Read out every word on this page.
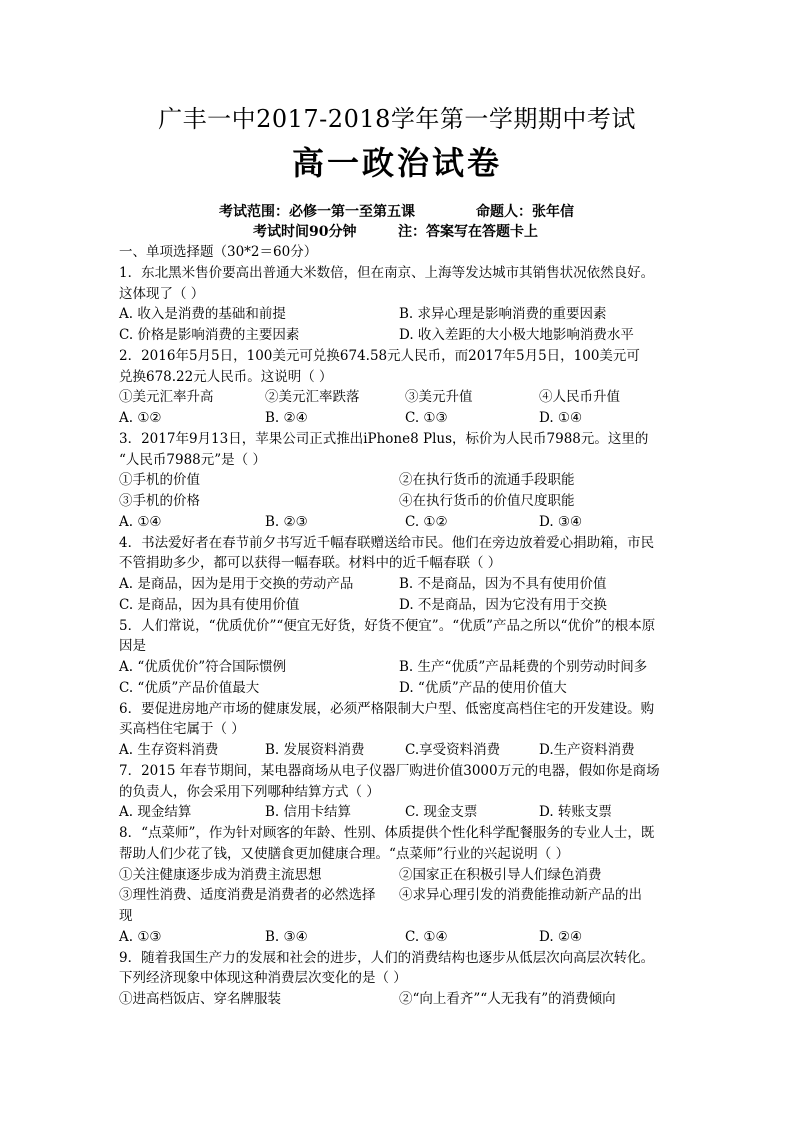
广丰一中2017-2018学年第一学期期中考试
高一政治试卷
考试范围：必修一第一至第五课	命题人：张年信
考试时间90分钟	注：答案写在答题卡上
一、单项选择题（30*2＝60分）
1．东北黑米售价要高出普通大米数倍，但在南京、上海等发达城市其销售状况依然良好。
这体现了（ ）
A. 收入是消费的基础和前提	B. 求异心理是影响消费的重要因素
C. 价格是影响消费的主要因素	D. 收入差距的大小极大地影响消费水平
2．2016年5月5日，100美元可兑换674.58元人民币，而2017年5月5日，100美元可
兑换678.22元人民币。这说明（ ）
①美元汇率升高	②美元汇率跌落	③美元升值	④人民币升值
A. ①②	B. ②④	C. ①③	D. ①④
3．2017年9月13日，苹果公司正式推出iPhone8 Plus，标价为人民币7988元。这里的
“人民币7988元”是（ ）
①手机的价值	②在执行货币的流通手段职能
③手机的价格	④在执行货币的价值尺度职能
A. ①④	B. ②③	C. ①②	D. ③④
4．书法爱好者在春节前夕书写近千幅春联赠送给市民。他们在旁边放着爱心捐助箱，市民
不管捐助多少，都可以获得一幅春联。材料中的近千幅春联（ ）
A. 是商品，因为是用于交换的劳动产品	B. 不是商品，因为不具有使用价值
C. 是商品，因为具有使用价值	D. 不是商品，因为它没有用于交换
5．人们常说，“优质优价”“便宜无好货，好货不便宜”。“优质”产品之所以“优价”的根本原
因是
A. “优质优价”符合国际惯例	B. 生产“优质”产品耗费的个别劳动时间多
C. “优质”产品价值最大	D. “优质”产品的使用价值大
6．要促进房地产市场的健康发展，必须严格限制大户型、低密度高档住宅的开发建设。购
买高档住宅属于（ ）
A. 生存资料消费	B. 发展资料消费	C.享受资料消费	D.生产资料消费
7．2015 年春节期间，某电器商场从电子仪器厂购进价值3000万元的电器，假如你是商场
的负责人，你会采用下列哪种结算方式（ ）
A. 现金结算	B. 信用卡结算	C. 现金支票	D. 转账支票
8．“点菜师”，作为针对顾客的年龄、性别、体质提供个性化科学配餐服务的专业人士，既
帮助人们少花了钱，又使膳食更加健康合理。“点菜师”行业的兴起说明（ ）
①关注健康逐步成为消费主流思想	②国家正在积极引导人们绿色消费
③理性消费、适度消费是消费者的必然选择 ④求异心理引发的消费能推动新产品的出
现
A. ①③	B. ③④	C. ①④	D. ②④
9．随着我国生产力的发展和社会的进步，人们的消费结构也逐步从低层次向高层次转化。
下列经济现象中体现这种消费层次变化的是（ ）
①进高档饭店、穿名牌服装	②“向上看齐”“人无我有”的消费倾向
